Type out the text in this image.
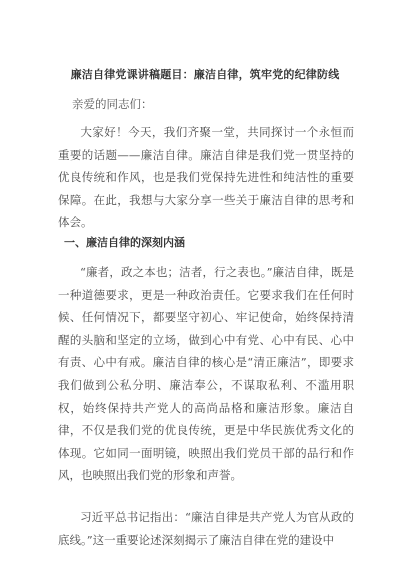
廉洁自律党课讲稿题目：廉洁自律，筑牢党的纪律防线
亲爱的同志们：

大家好！今天，我们齐聚一堂，共同探讨一个永恒而重要的话题——廉洁自律。廉洁自律是我们党一贯坚持的优良传统和作风，也是我们党保持先进性和纯洁性的重要保障。在此，我想与大家分享一些关于廉洁自律的思考和体会。

一、廉洁自律的深刻内涵

“廉者，政之本也；洁者，行之表也。”廉洁自律，既是一种道德要求，更是一种政治责任。它要求我们在任何时候、任何情况下，都要坚守初心、牢记使命，始终保持清醒的头脑和坚定的立场，做到心中有党、心中有民、心中有责、心中有戒。廉洁自律的核心是“清正廉洁”，即要求我们做到公私分明、廉洁奉公，不谋取私利、不滥用职权，始终保持共产党人的高尚品格和廉洁形象。廉洁自律，不仅是我们党的优良传统，更是中华民族优秀文化的体现。它如同一面明镜，映照出我们党员干部的品行和作风，也映照出我们党的形象和声誉。

习近平总书记指出：“廉洁自律是共产党人为官从政的底线。”这一重要论述深刻揭示了廉洁自律在党的建设中
